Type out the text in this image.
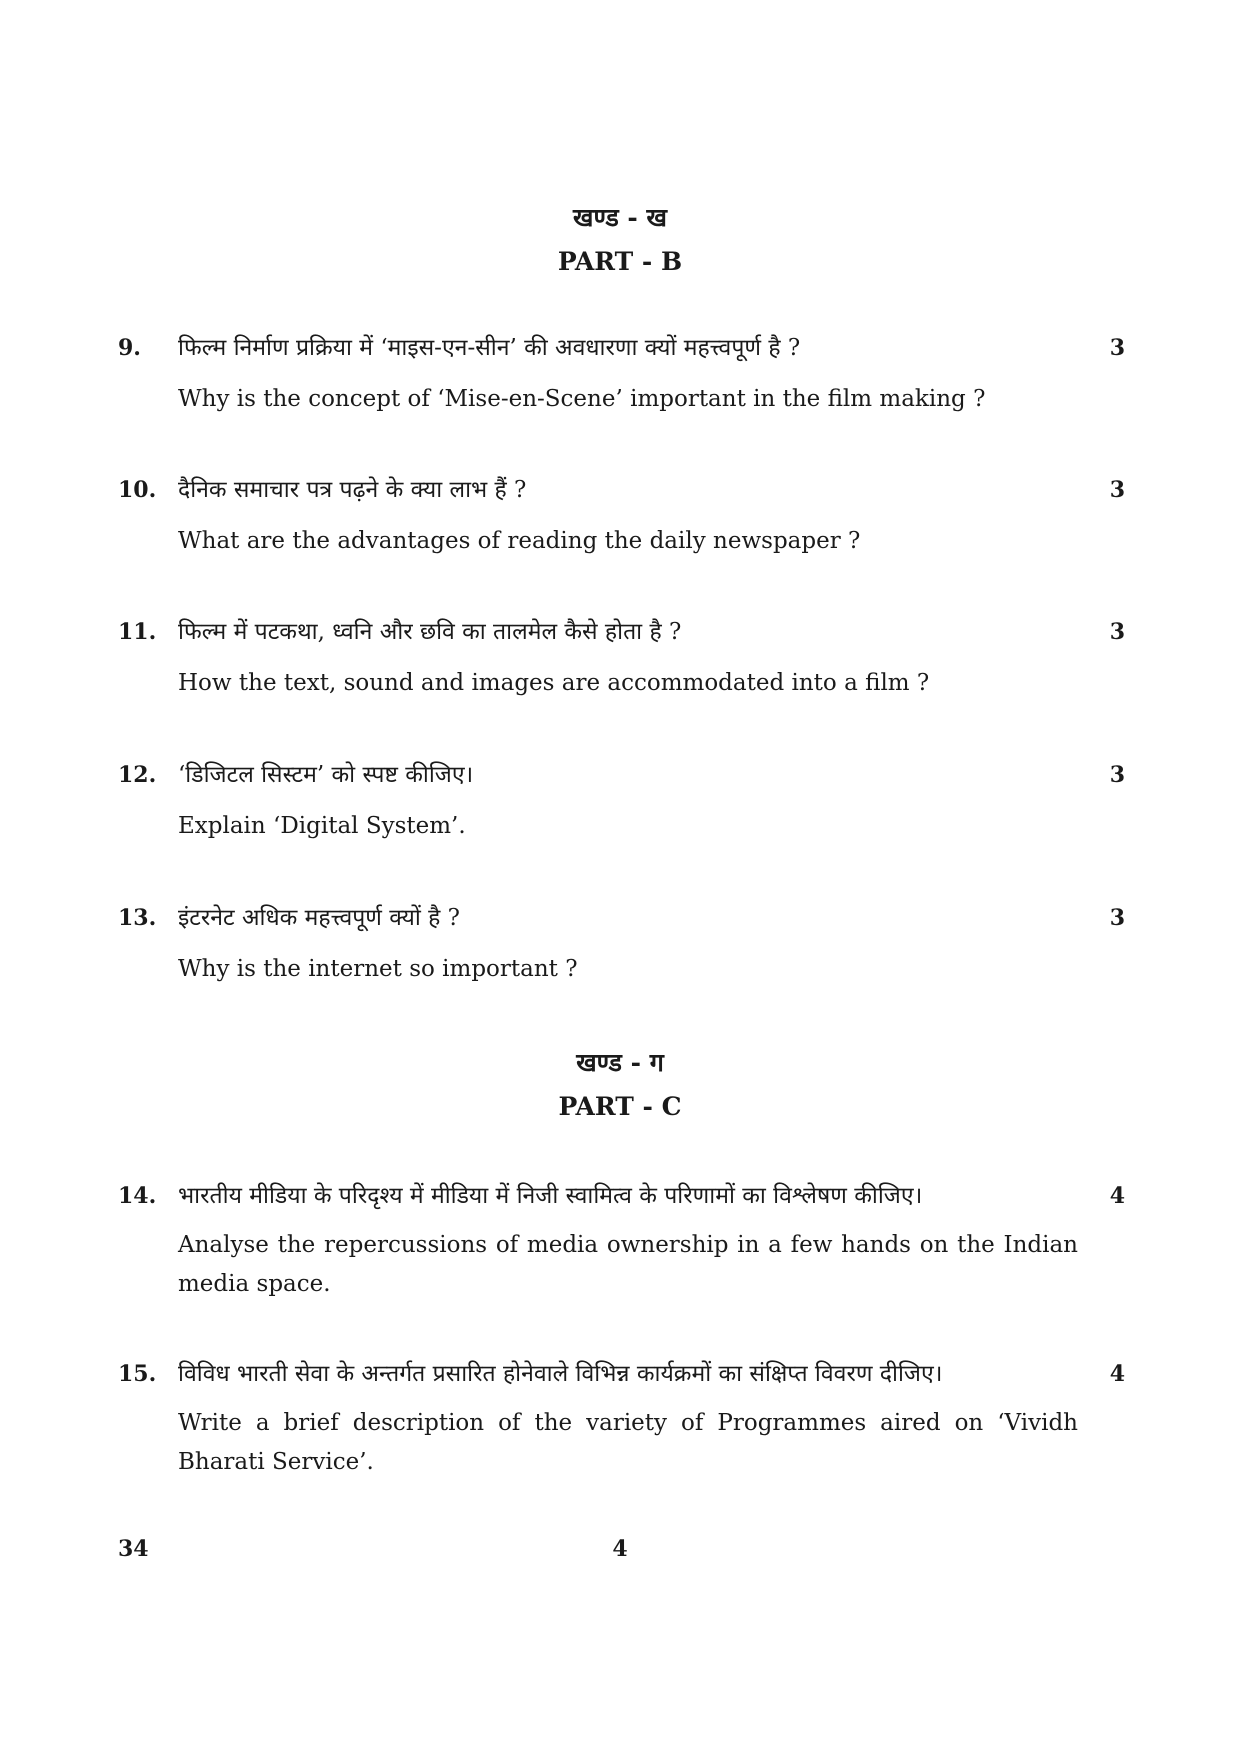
खण्ड - ख
PART - B
9. फिल्म निर्माण प्रक्रिया में ‘माइस-एन-सीन’ की अवधारणा क्यों महत्त्वपूर्ण है ?	3
Why is the concept of ‘Mise-en-Scene’ important in the film making ?
10. दैनिक समाचार पत्र पढ़ने के क्या लाभ हैं ?	3
What are the advantages of reading the daily newspaper ?
11. फिल्म में पटकथा, ध्वनि और छवि का तालमेल कैसे होता है ?	3
How the text, sound and images are accommodated into a film ?
12. ‘डिजिटल सिस्टम’ को स्पष्ट कीजिए।	3
Explain ‘Digital System’.
13. इंटरनेट अधिक महत्त्वपूर्ण क्यों है ?	3
Why is the internet so important ?
खण्ड - ग
PART - C
14. भारतीय मीडिया के परिदृश्य में मीडिया में निजी स्वामित्व के परिणामों का विश्लेषण कीजिए।	4
Analyse the repercussions of media ownership in a few hands on the Indian media space.
15. विविध भारती सेवा के अन्तर्गत प्रसारित होनेवाले विभिन्न कार्यक्रमों का संक्षिप्त विवरण दीजिए।	4
Write a brief description of the variety of Programmes aired on ‘Vividh Bharati Service’.
34	4
